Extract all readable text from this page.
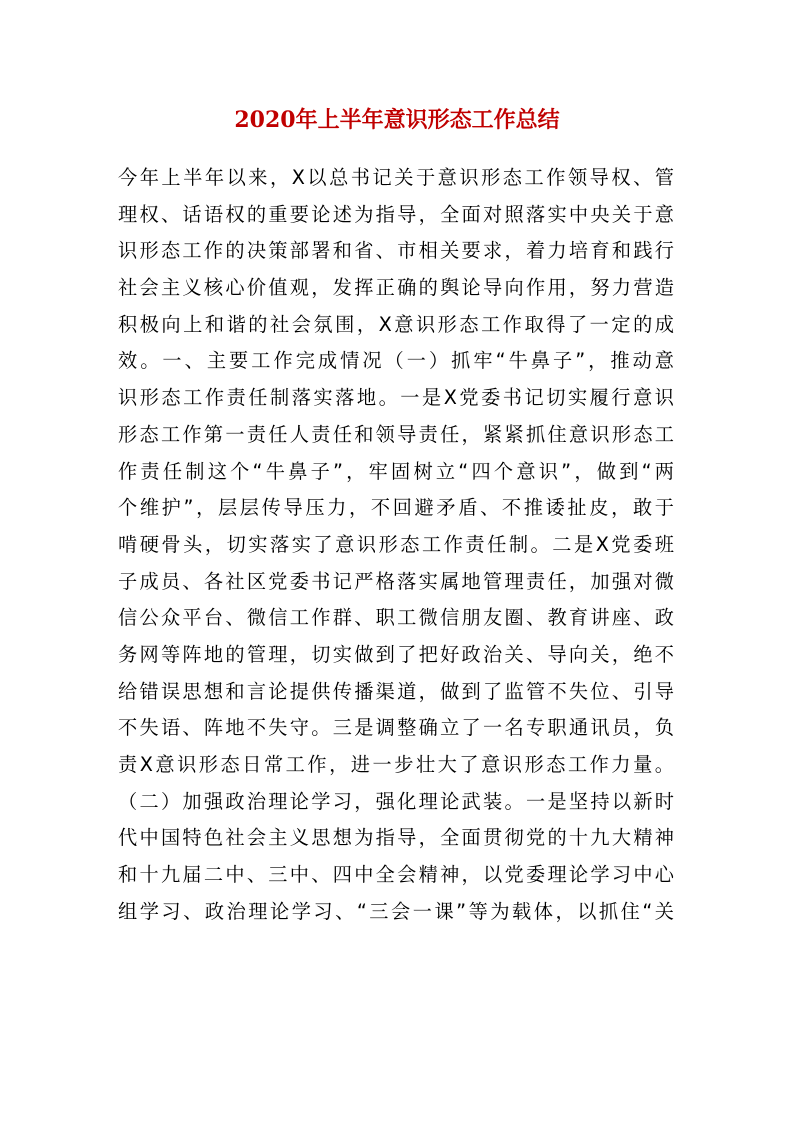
2020年上半年意识形态工作总结
今年上半年以来，X以总书记关于意识形态工作领导权、管
理权、话语权的重要论述为指导，全面对照落实中央关于意
识形态工作的决策部署和省、市相关要求，着力培育和践行
社会主义核心价值观，发挥正确的舆论导向作用，努力营造
积极向上和谐的社会氛围，X意识形态工作取得了一定的成
效。一、主要工作完成情况（一）抓牢“牛鼻子”，推动意
识形态工作责任制落实落地。一是X党委书记切实履行意识
形态工作第一责任人责任和领导责任，紧紧抓住意识形态工
作责任制这个“牛鼻子”，牢固树立“四个意识”，做到“两
个维护”，层层传导压力，不回避矛盾、不推诿扯皮，敢于
啃硬骨头，切实落实了意识形态工作责任制。二是X党委班
子成员、各社区党委书记严格落实属地管理责任，加强对微
信公众平台、微信工作群、职工微信朋友圈、教育讲座、政
务网等阵地的管理，切实做到了把好政治关、导向关，绝不
给错误思想和言论提供传播渠道，做到了监管不失位、引导
不失语、阵地不失守。三是调整确立了一名专职通讯员，负
责X意识形态日常工作，进一步壮大了意识形态工作力量。
（二）加强政治理论学习，强化理论武装。一是坚持以新时
代中国特色社会主义思想为指导，全面贯彻党的十九大精神
和十九届二中、三中、四中全会精神，以党委理论学习中心
组学习、政治理论学习、“三会一课”等为载体，以抓住“关
